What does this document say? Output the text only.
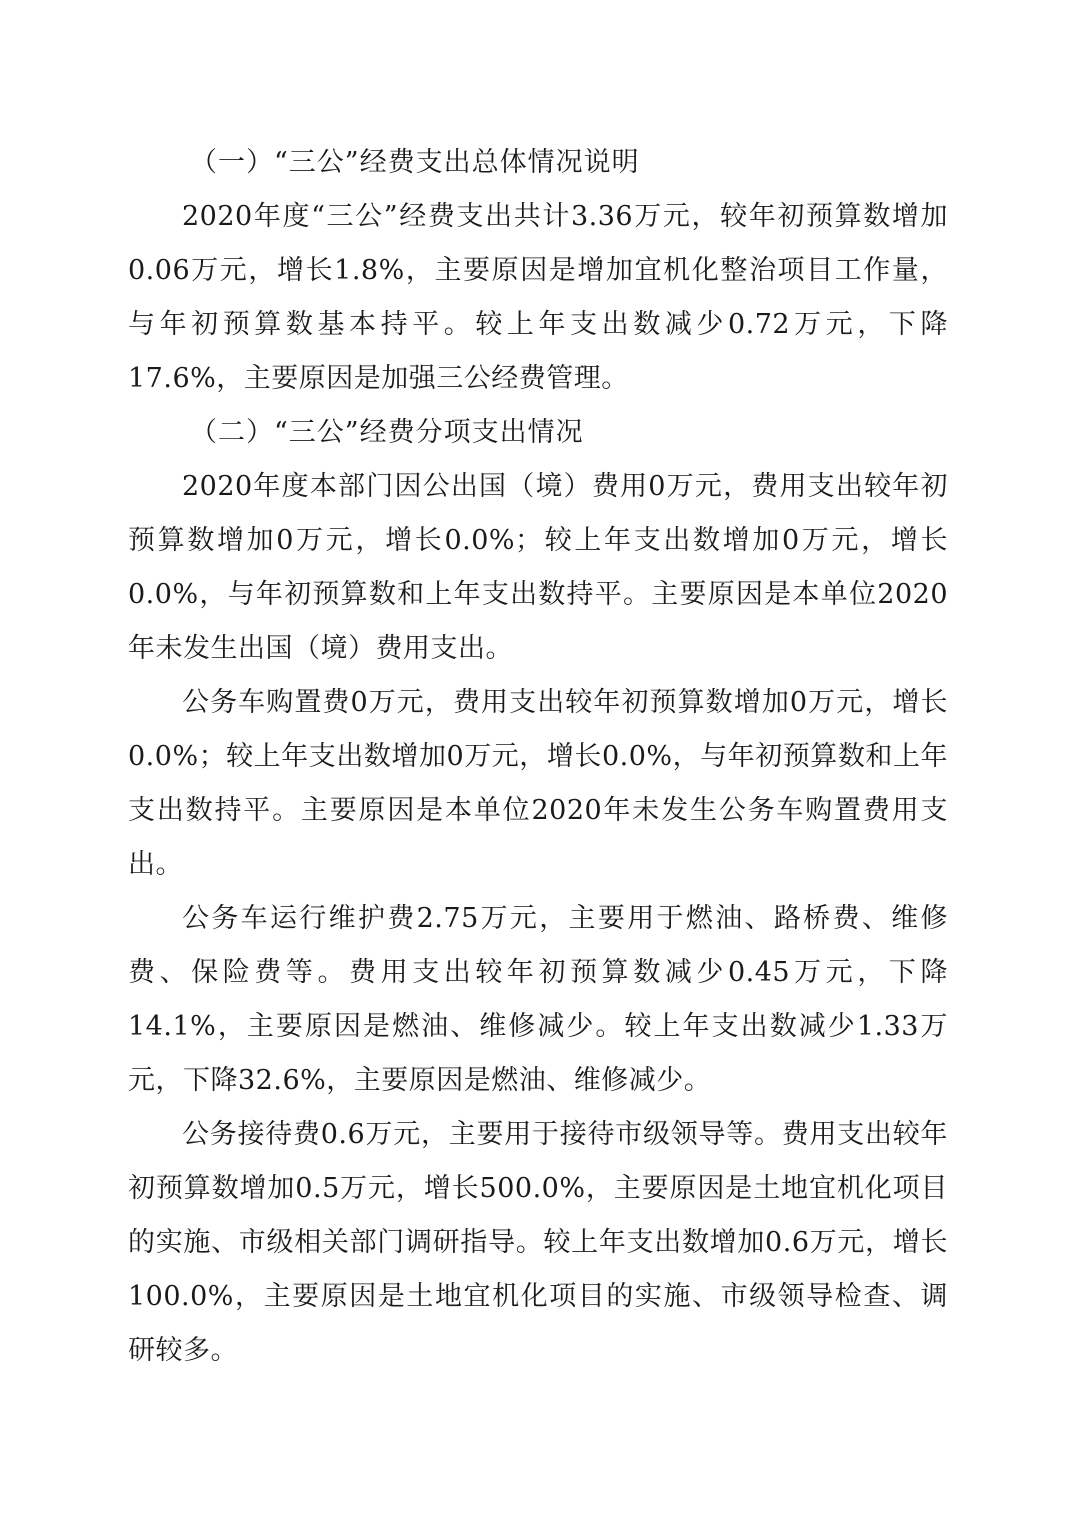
（一）“三公”经费支出总体情况说明

2020年度“三公”经费支出共计3.36万元，较年初预算数增加0.06万元，增长1.8%，主要原因是增加宜机化整治项目工作量，与年初预算数基本持平。较上年支出数减少0.72万元，下降17.6%，主要原因是加强三公经费管理。

（二）“三公”经费分项支出情况

2020年度本部门因公出国（境）费用0万元，费用支出较年初预算数增加0万元，增长0.0%；较上年支出数增加0万元，增长0.0%，与年初预算数和上年支出数持平。主要原因是本单位2020年未发生出国（境）费用支出。

公务车购置费0万元，费用支出较年初预算数增加0万元，增长0.0%；较上年支出数增加0万元，增长0.0%，与年初预算数和上年支出数持平。主要原因是本单位2020年未发生公务车购置费用支出。

公务车运行维护费2.75万元，主要用于燃油、路桥费、维修费、保险费等。费用支出较年初预算数减少0.45万元，下降14.1%，主要原因是燃油、维修减少。较上年支出数减少1.33万元，下降32.6%，主要原因是燃油、维修减少。

公务接待费0.6万元，主要用于接待市级领导等。费用支出较年初预算数增加0.5万元，增长500.0%，主要原因是土地宜机化项目的实施、市级相关部门调研指导。较上年支出数增加0.6万元，增长100.0%，主要原因是土地宜机化项目的实施、市级领导检查、调研较多。
